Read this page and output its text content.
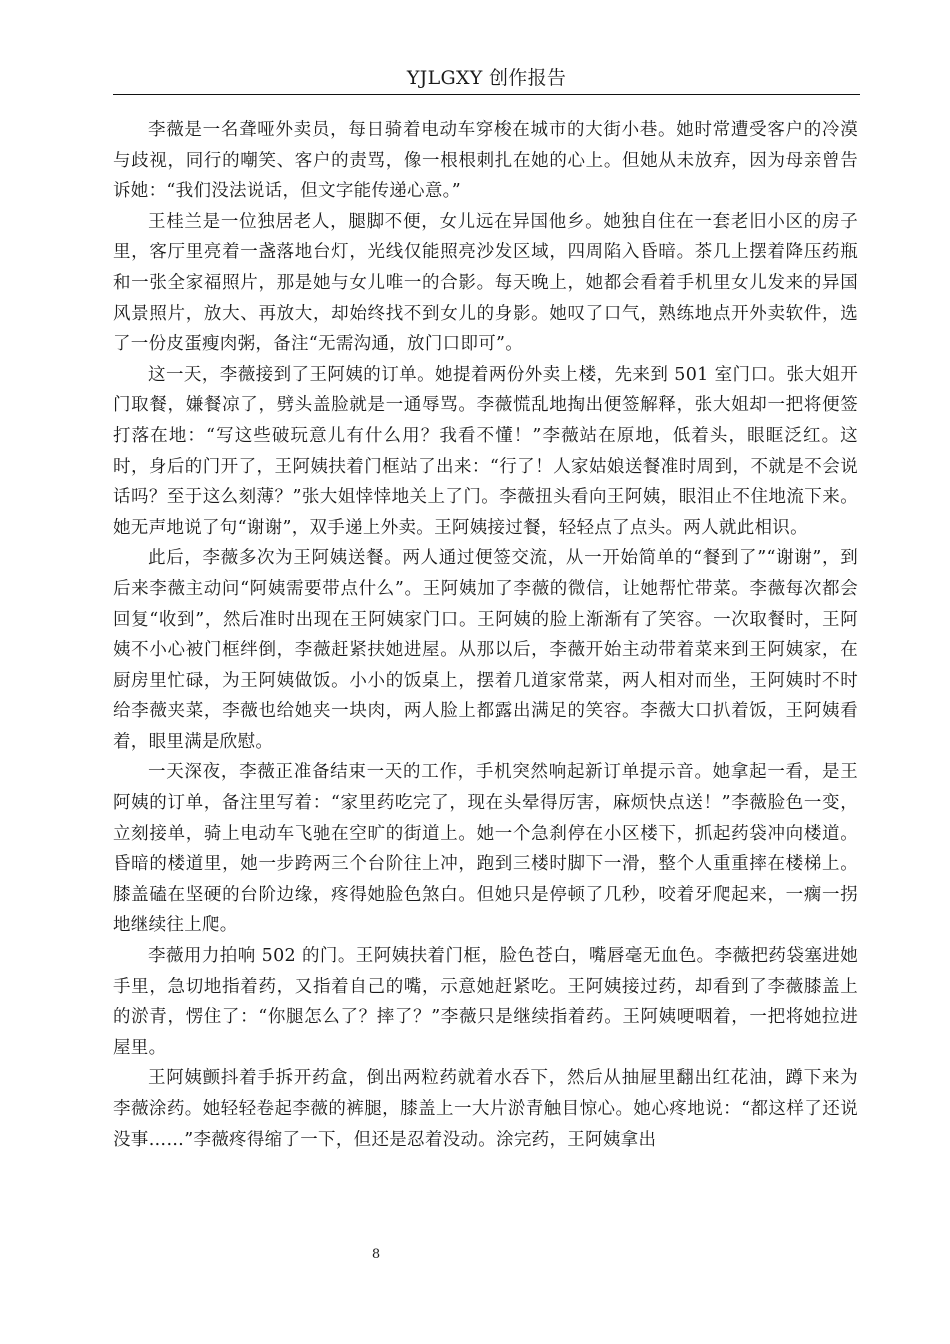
YJLGXY 创作报告

李薇是一名聋哑外卖员，每日骑着电动车穿梭在城市的大街小巷。她时常遭受客户的冷漠与歧视，同行的嘲笑、客户的责骂，像一根根刺扎在她的心上。但她从未放弃，因为母亲曾告诉她：“我们没法说话，但文字能传递心意。”

王桂兰是一位独居老人，腿脚不便，女儿远在异国他乡。她独自住在一套老旧小区的房子里，客厅里亮着一盏落地台灯，光线仅能照亮沙发区域，四周陷入昏暗。茶几上摆着降压药瓶和一张全家福照片，那是她与女儿唯一的合影。每天晚上，她都会看着手机里女儿发来的异国风景照片，放大、再放大，却始终找不到女儿的身影。她叹了口气，熟练地点开外卖软件，选了一份皮蛋瘦肉粥，备注“无需沟通，放门口即可”。

这一天，李薇接到了王阿姨的订单。她提着两份外卖上楼，先来到 501 室门口。张大姐开门取餐，嫌餐凉了，劈头盖脸就是一通辱骂。李薇慌乱地掏出便签解释，张大姐却一把将便签打落在地：“写这些破玩意儿有什么用？我看不懂！”李薇站在原地，低着头，眼眶泛红。这时，身后的门开了，王阿姨扶着门框站了出来：“行了！人家姑娘送餐准时周到，不就是不会说话吗？至于这么刻薄？”张大姐悻悻地关上了门。李薇扭头看向王阿姨，眼泪止不住地流下来。她无声地说了句“谢谢”，双手递上外卖。王阿姨接过餐，轻轻点了点头。两人就此相识。

此后，李薇多次为王阿姨送餐。两人通过便签交流，从一开始简单的“餐到了”“谢谢”，到后来李薇主动问“阿姨需要带点什么”。王阿姨加了李薇的微信，让她帮忙带菜。李薇每次都会回复“收到”，然后准时出现在王阿姨家门口。王阿姨的脸上渐渐有了笑容。一次取餐时，王阿姨不小心被门框绊倒，李薇赶紧扶她进屋。从那以后，李薇开始主动带着菜来到王阿姨家，在厨房里忙碌，为王阿姨做饭。小小的饭桌上，摆着几道家常菜，两人相对而坐，王阿姨时不时给李薇夹菜，李薇也给她夹一块肉，两人脸上都露出满足的笑容。李薇大口扒着饭，王阿姨看着，眼里满是欣慰。

一天深夜，李薇正准备结束一天的工作，手机突然响起新订单提示音。她拿起一看，是王阿姨的订单，备注里写着：“家里药吃完了，现在头晕得厉害，麻烦快点送！”李薇脸色一变，立刻接单，骑上电动车飞驰在空旷的街道上。她一个急刹停在小区楼下，抓起药袋冲向楼道。昏暗的楼道里，她一步跨两三个台阶往上冲，跑到三楼时脚下一滑，整个人重重摔在楼梯上。膝盖磕在坚硬的台阶边缘，疼得她脸色煞白。但她只是停顿了几秒，咬着牙爬起来，一瘸一拐地继续往上爬。

李薇用力拍响 502 的门。王阿姨扶着门框，脸色苍白，嘴唇毫无血色。李薇把药袋塞进她手里，急切地指着药，又指着自己的嘴，示意她赶紧吃。王阿姨接过药，却看到了李薇膝盖上的淤青，愣住了：“你腿怎么了？摔了？”李薇只是继续指着药。王阿姨哽咽着，一把将她拉进屋里。

王阿姨颤抖着手拆开药盒，倒出两粒药就着水吞下，然后从抽屉里翻出红花油，蹲下来为李薇涂药。她轻轻卷起李薇的裤腿，膝盖上一大片淤青触目惊心。她心疼地说：“都这样了还说没事……”李薇疼得缩了一下，但还是忍着没动。涂完药，王阿姨拿出

8
